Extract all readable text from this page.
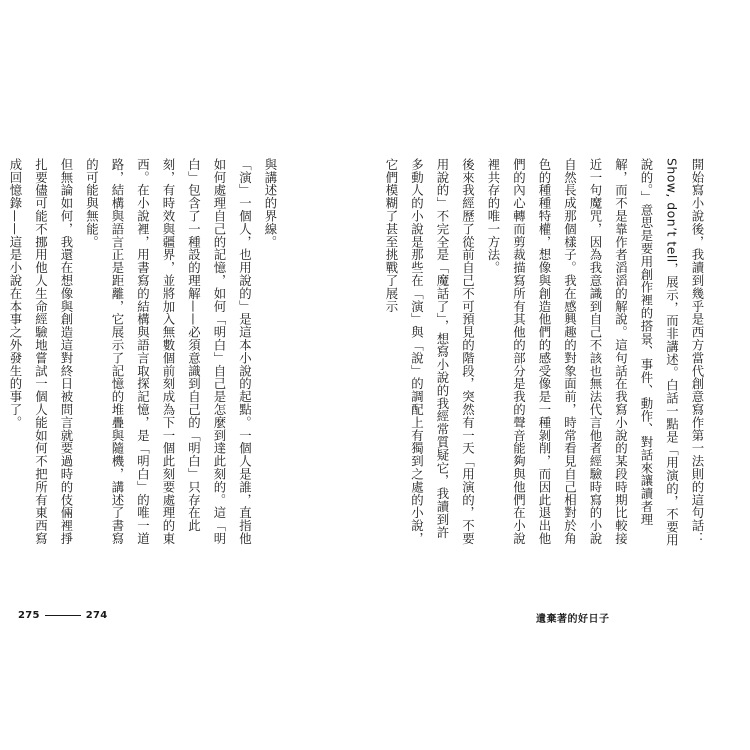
與講述的界線。

「演」一個人，也用說的」是這本小說的起點。一個人是誰，直指他如何處理自己的記憶，如何「明白」自己是怎麼到達此刻的。這「明白」包含了一種設的理解——必須意識到自己的「明白」只存在此刻，有時效與疆界，並將加入無數個前刻成為下一個此刻要處理的東西。在小說裡，用書寫的結構與語言取探記憶，是「明白」的唯一道路，結構與語言正是距離，它展示了記憶的堆疊與隨機，講述了書寫的可能與無能。

但無論如何，我還在想像與創造這對終日被問言就要過時的伎倆裡掙扎要儘可能不挪用他人生命經驗地嘗試一個人能如何不把所有東西寫成回憶錄——這是小說在本事之外發生的事了。

275	274

開始寫小說後，我讀到幾乎是西方當代創意寫作第一法則的這句話：Show, don’t tell，展示，而非講述。白話一點是「用演的，不要用說的。」意思是要用創作裡的搭景、事件、動作、對話來讓讀者理解，而不是靠作者滔滔的解說。這句話在我寫小說的某段時期比較接近一句魔咒，因為我意識到自己不該也無法代言他者經驗時寫的小說自然長成那個樣子。我在感興趣的對象面前，時常看見自己相對於角色的種種特權，想像與創造他們的感受像是一種剝削，而因此退出他們的內心轉而剪裁描寫所有其他的部分是我的聲音能夠與他們在小說裡共存的唯一方法。

後來我經歷了從前自己不可預見的階段，突然有一天「用演的，不要用說的」不完全是「魔話了」，想寫小說的我經常質疑它，我讀到許多動人的小說是那些在「演」與「說」的調配上有獨到之處的小說，它們模糊了甚至挑戰了展示

遺棄著的好日子
